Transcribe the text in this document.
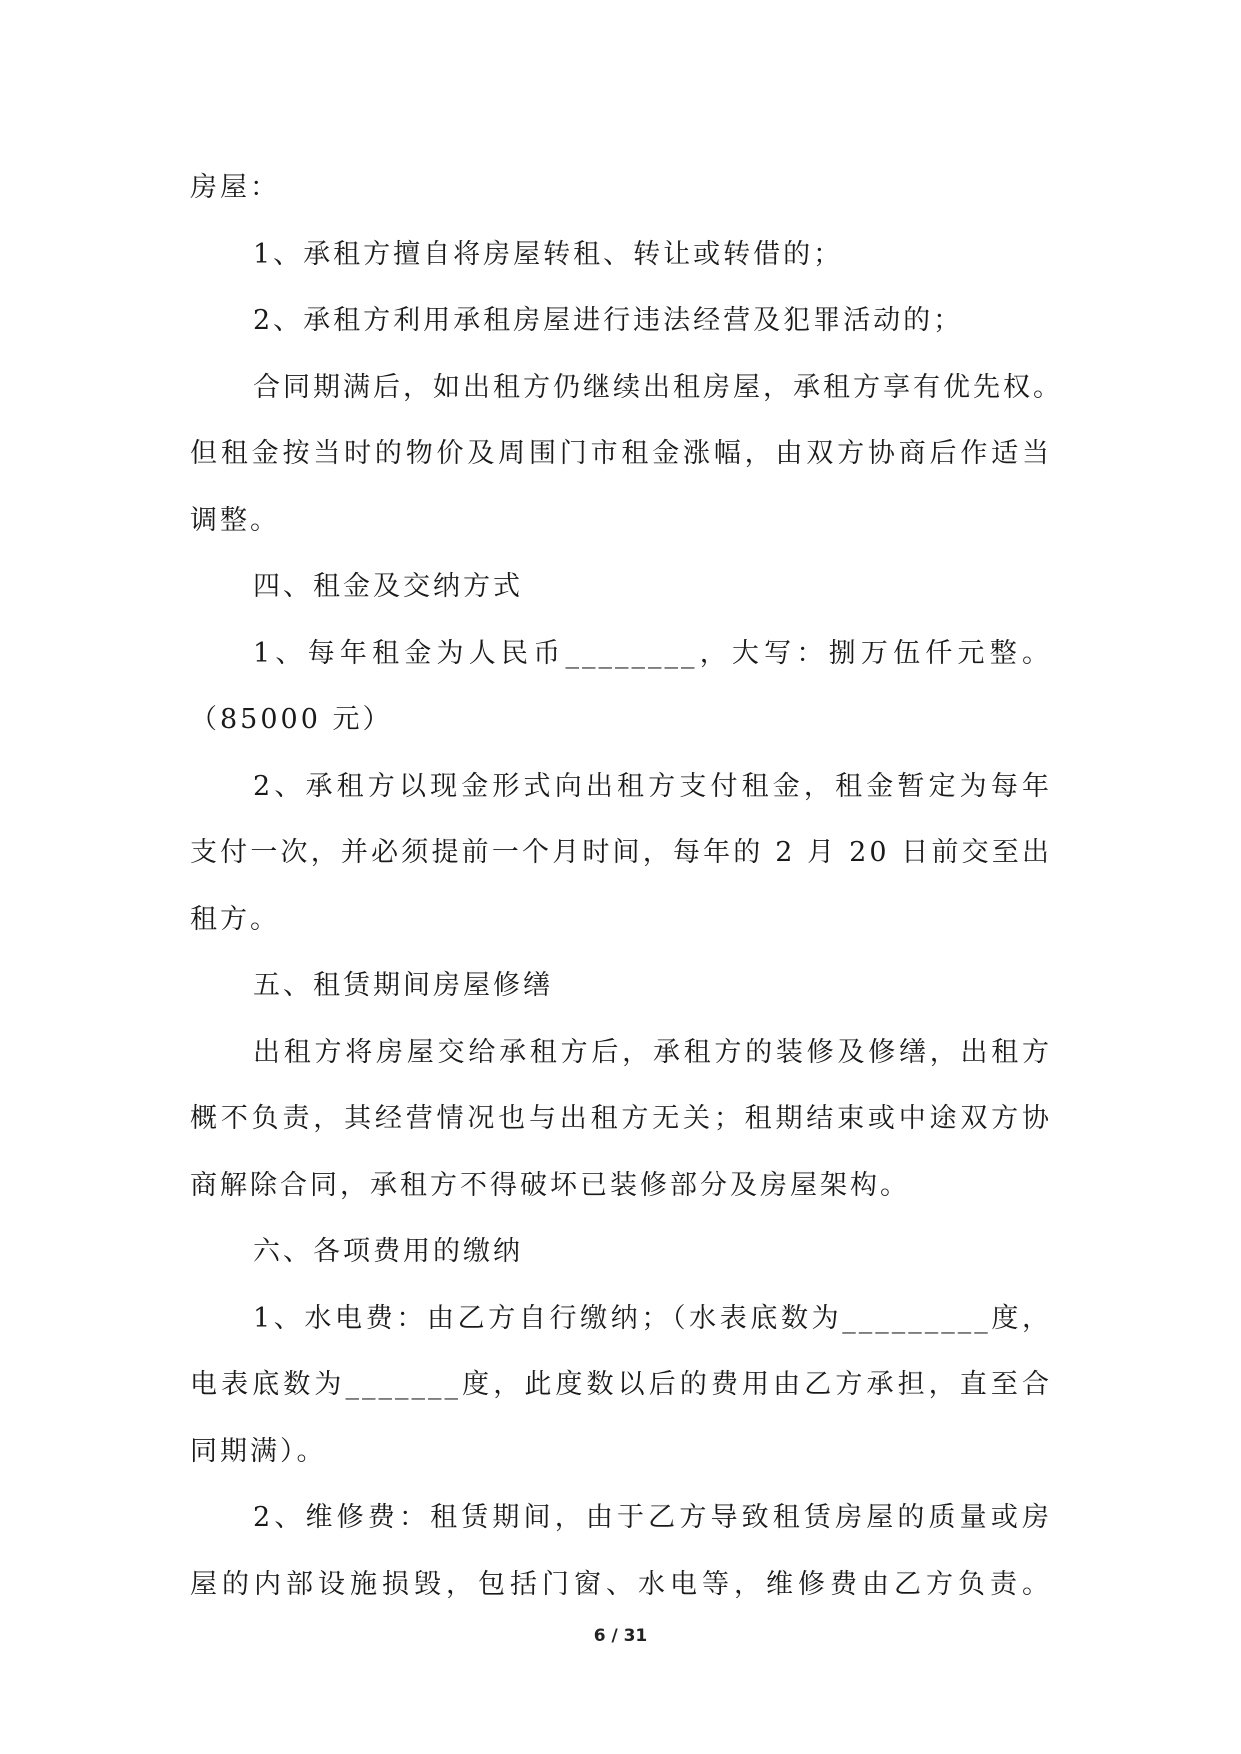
房屋：
1、承租方擅自将房屋转租、转让或转借的；
2、承租方利用承租房屋进行违法经营及犯罪活动的；
合同期满后，如出租方仍继续出租房屋，承租方享有优先权。
但租金按当时的物价及周围门市租金涨幅，由双方协商后作适当
调整。
四、租金及交纳方式
1、每年租金为人民币________，大写：捌万伍仟元整。
（85000 元）
2、承租方以现金形式向出租方支付租金，租金暂定为每年
支付一次，并必须提前一个月时间，每年的 2 月 20 日前交至出
租方。
五、租赁期间房屋修缮
出租方将房屋交给承租方后，承租方的装修及修缮，出租方
概不负责，其经营情况也与出租方无关；租期结束或中途双方协
商解除合同，承租方不得破坏已装修部分及房屋架构。
六、各项费用的缴纳
1、水电费：由乙方自行缴纳；（水表底数为_________度，
电表底数为_______度，此度数以后的费用由乙方承担，直至合
同期满）。
2、维修费：租赁期间，由于乙方导致租赁房屋的质量或房
屋的内部设施损毁，包括门窗、水电等，维修费由乙方负责。
6 / 31
